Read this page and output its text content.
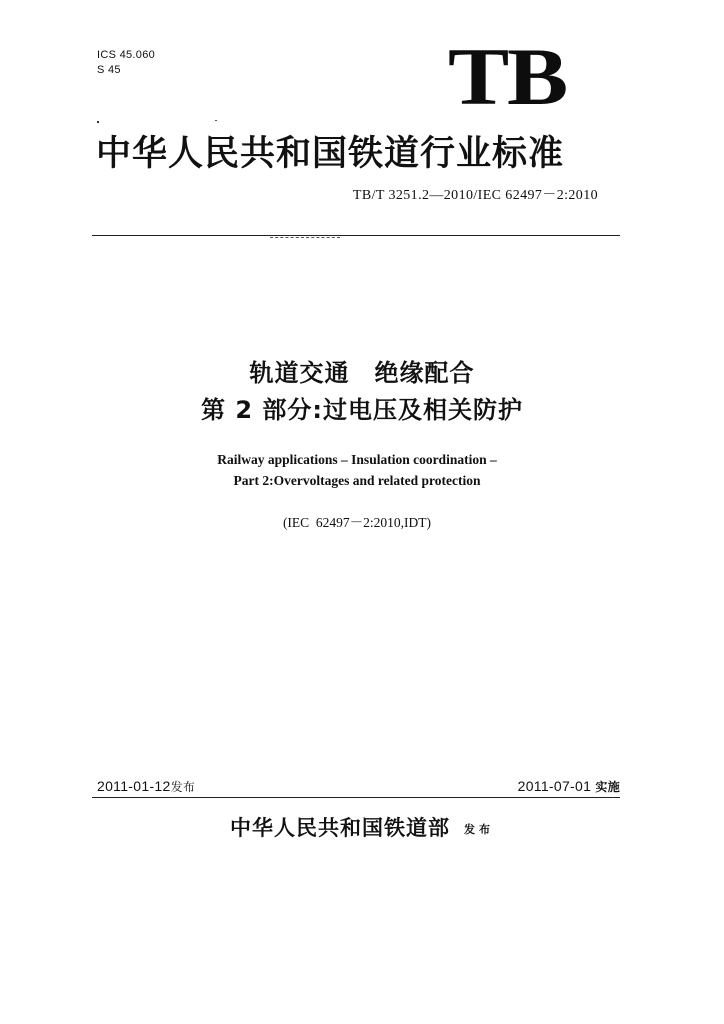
ICS 45.060
S 45	TB
中华人民共和国铁道行业标准
TB/T 3251.2—2010/IEC 62497－2:2010
轨道交通　绝缘配合
第 2 部分:过电压及相关防护
Railway applications – Insulation coordination –
Part 2:Overvoltages and related protection
(IEC  62497－2:2010,IDT)
2011-01-12发布	2011-07-01 实施
中华人民共和国铁道部 发布
